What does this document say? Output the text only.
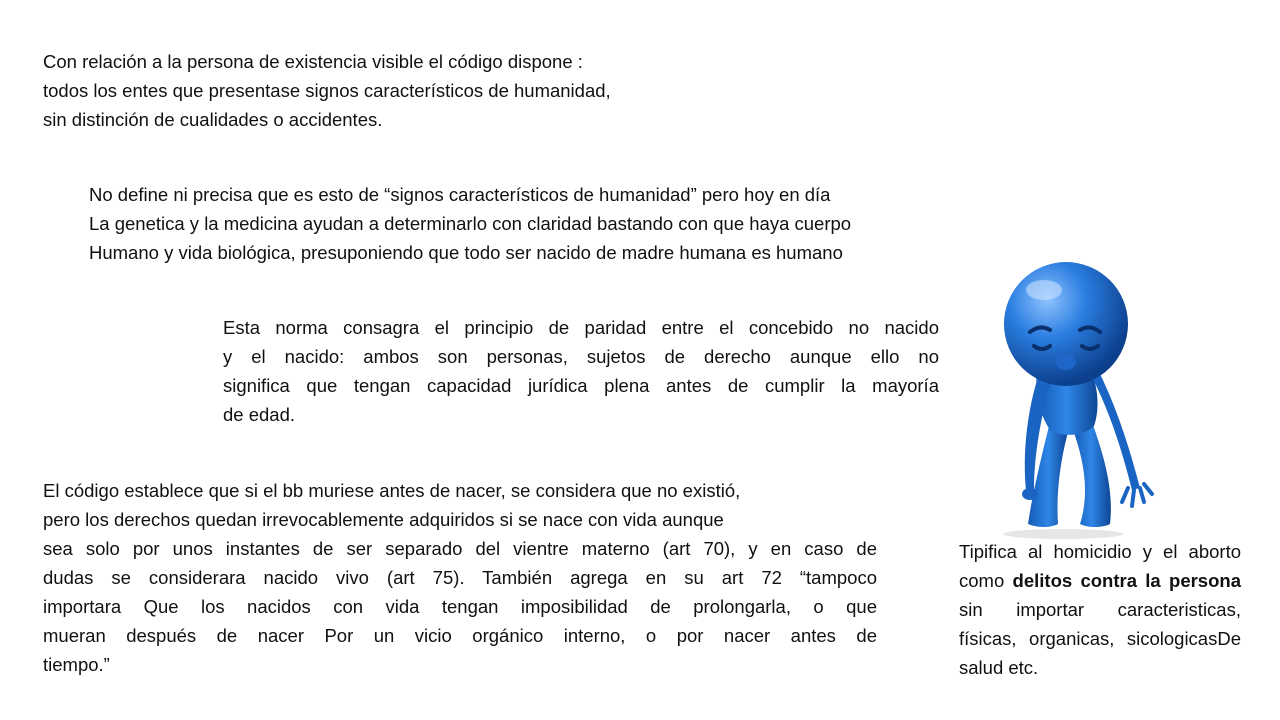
Con relación a la persona de existencia visible el código dispone :
todos los entes que presentase signos característicos de humanidad,
sin distinción de cualidades o accidentes.
No define ni precisa que es esto de “signos característicos de humanidad” pero hoy en día
La genetica y la medicina ayudan a determinarlo con claridad bastando con que haya cuerpo
Humano y vida biológica, presuponiendo que todo ser nacido de madre humana es humano
Esta norma consagra el principio de paridad entre el concebido no nacido
y el nacido: ambos son personas, sujetos de derecho aunque ello no
significa que tengan capacidad jurídica plena antes de cumplir la mayoría
de edad.
El código establece que si el bb muriese antes de nacer, se considera que no existió,
pero los derechos quedan irrevocablemente adquiridos si se nace con vida aunque
sea solo por unos instantes de ser separado del vientre materno (art 70), y en caso de
dudas se considerara nacido vivo (art 75). También agrega en su art 72 “tampoco
importara Que los nacidos con vida tengan imposibilidad de prolongarla, o que
mueran después de nacer Por un vicio orgánico interno, o por nacer antes de
tiempo.”

Tipifica al homicidio y el aborto como delitos contra la persona sin importar caracteristicas, físicas, organicas, sicologicasDe salud etc.
